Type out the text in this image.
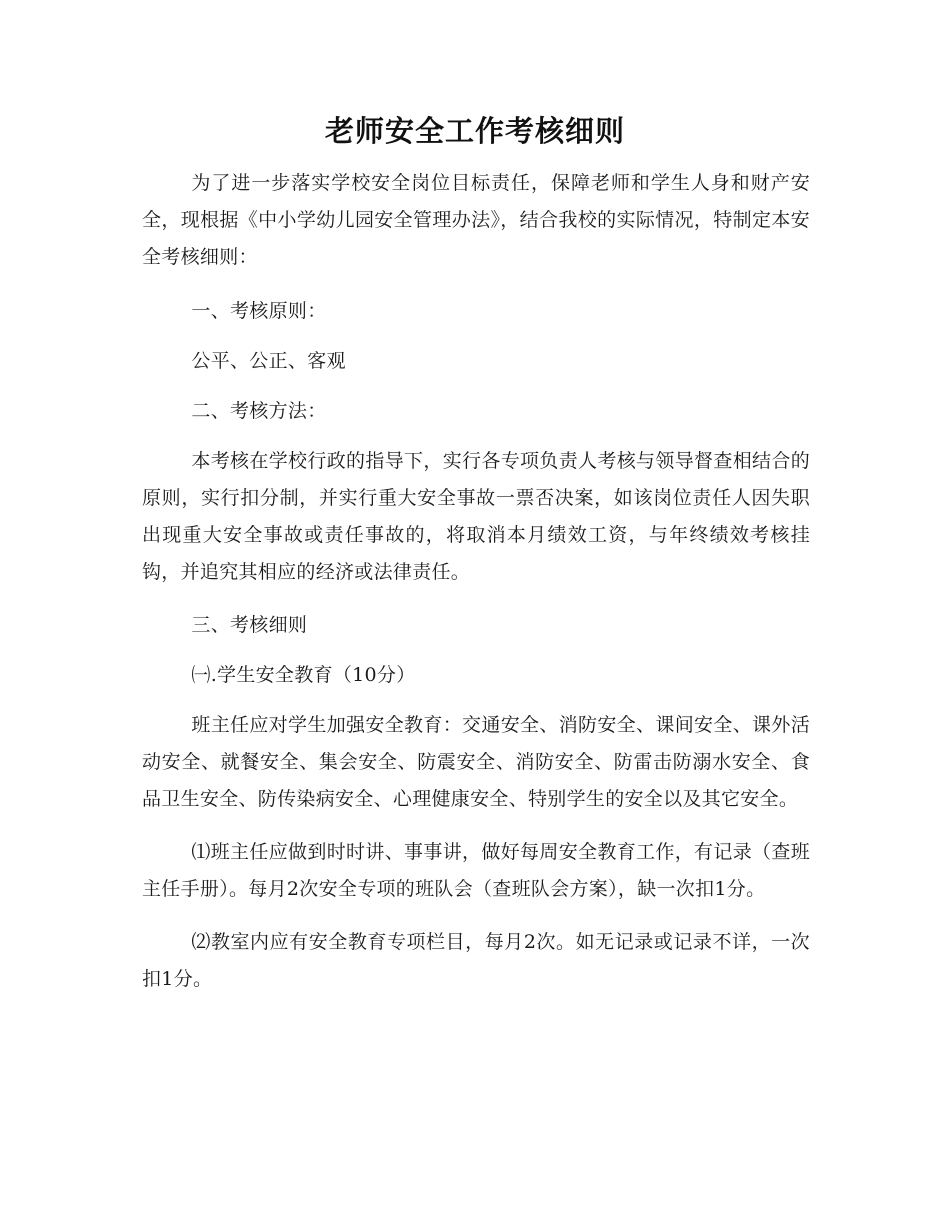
老师安全工作考核细则

为了进一步落实学校安全岗位目标责任，保障老师和学生人身和财产安全，现根据《中小学幼儿园安全管理办法》，结合我校的实际情况，特制定本安全考核细则：

一、考核原则：

公平、公正、客观

二、考核方法：

本考核在学校行政的指导下，实行各专项负责人考核与领导督查相结合的原则，实行扣分制，并实行重大安全事故一票否决案，如该岗位责任人因失职出现重大安全事故或责任事故的，将取消本月绩效工资，与年终绩效考核挂钩，并追究其相应的经济或法律责任。

三、考核细则

㈠.学生安全教育（10分）

班主任应对学生加强安全教育：交通安全、消防安全、课间安全、课外活动安全、就餐安全、集会安全、防震安全、消防安全、防雷击防溺水安全、食品卫生安全、防传染病安全、心理健康安全、特别学生的安全以及其它安全。

⑴班主任应做到时时讲、事事讲，做好每周安全教育工作，有记录（查班主任手册）。每月2次安全专项的班队会（查班队会方案），缺一次扣1分。

⑵教室内应有安全教育专项栏目，每月2次。如无记录或记录不详，一次扣1分。
